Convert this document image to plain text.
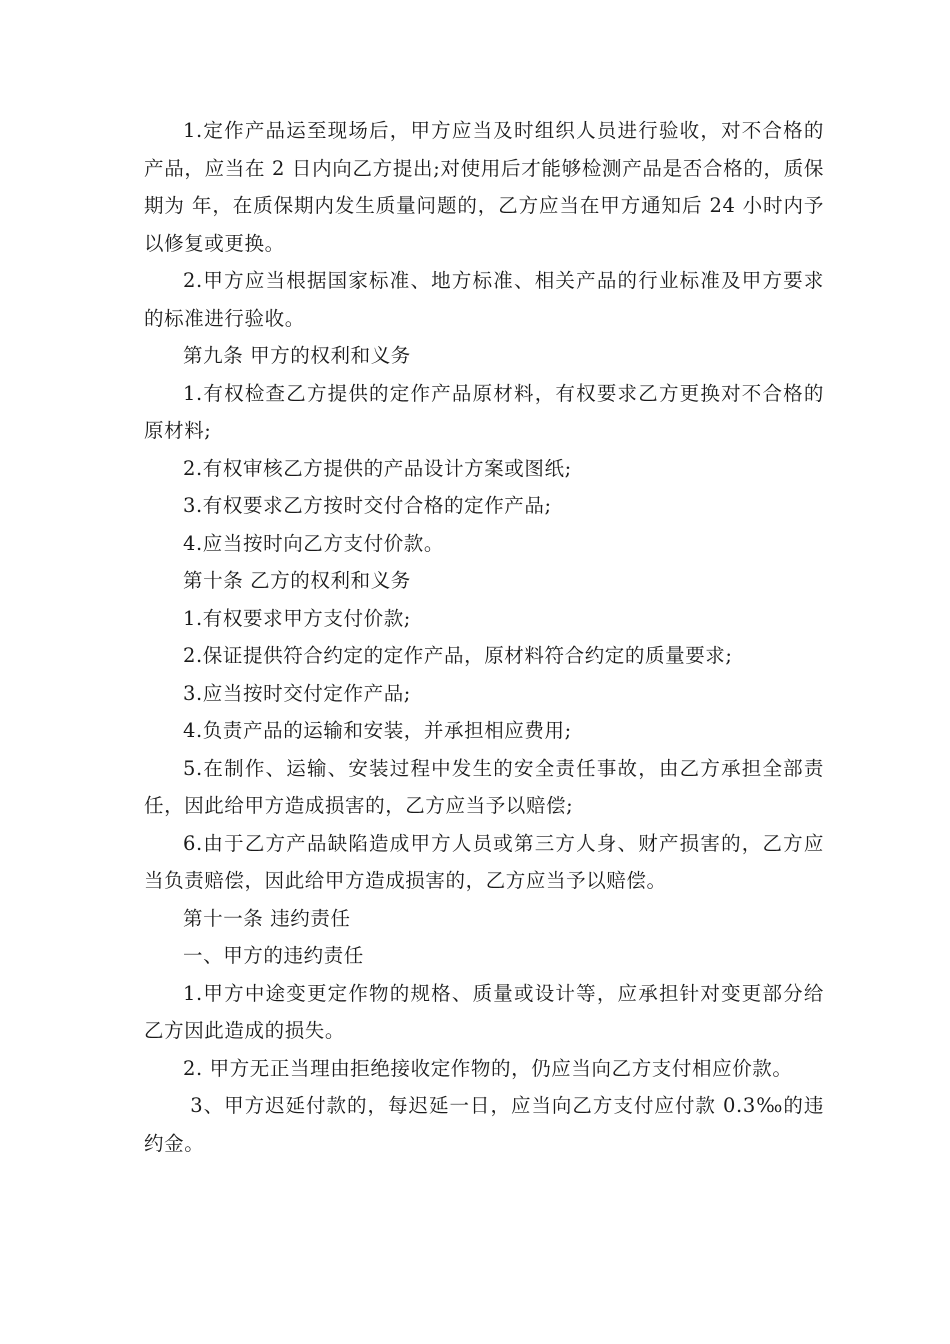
1.定作产品运至现场后，甲方应当及时组织人员进行验收，对不合格的产品，应当在 2 日内向乙方提出;对使用后才能够检测产品是否合格的，质保期为 年，在质保期内发生质量问题的，乙方应当在甲方通知后 24 小时内予以修复或更换。

2.甲方应当根据国家标准、地方标准、相关产品的行业标准及甲方要求的标准进行验收。

第九条 甲方的权利和义务

1.有权检查乙方提供的定作产品原材料，有权要求乙方更换对不合格的原材料;

2.有权审核乙方提供的产品设计方案或图纸;

3.有权要求乙方按时交付合格的定作产品;

4.应当按时向乙方支付价款。

第十条 乙方的权利和义务

1.有权要求甲方支付价款;

2.保证提供符合约定的定作产品，原材料符合约定的质量要求;

3.应当按时交付定作产品;

4.负责产品的运输和安装，并承担相应费用;

5.在制作、运输、安装过程中发生的安全责任事故，由乙方承担全部责任，因此给甲方造成损害的，乙方应当予以赔偿;

6.由于乙方产品缺陷造成甲方人员或第三方人身、财产损害的，乙方应当负责赔偿，因此给甲方造成损害的，乙方应当予以赔偿。

第十一条 违约责任

一、甲方的违约责任

1.甲方中途变更定作物的规格、质量或设计等，应承担针对变更部分给乙方因此造成的损失。

2. 甲方无正当理由拒绝接收定作物的，仍应当向乙方支付相应价款。

3、甲方迟延付款的，每迟延一日，应当向乙方支付应付款 0.3‰的违约金。
